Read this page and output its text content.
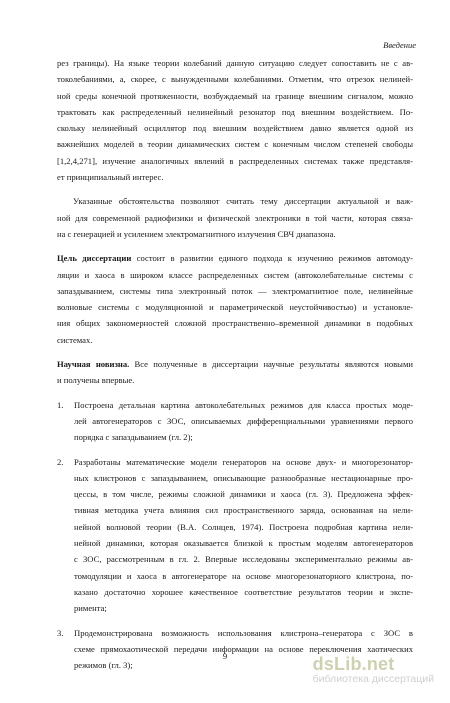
Введение
рез границы). На языке теории колебаний данную ситуацию следует сопоставить не с ав-
токолебаниями, а, скорее, с вынужденными колебаниями. Отметим, что отрезок нелиней-
ной среды конечной протяженности, возбуждаемый на границе внешним сигналом, можно
трактовать как распределенный нелинейный резонатор под внешним воздействием. По-
скольку нелинейный осциллятор под внешним воздействием давно является одной из
важнейших моделей в теории динамических систем с конечным числом степеней свободы
[1,2,4,271], изучение аналогичных явлений в распределенных системах также представля-
ет принципиальный интерес.
Указанные обстоятельства позволяют считать тему диссертации актуальной и важ-
ной для современной радиофизики и физической электроники в той части, которая связа-
на с генерацией и усилением электромагнитного излучения СВЧ диапазона.
Цель диссертации состоит в развитии единого подхода к изучению режимов автомоду-
ляции и хаоса в широком классе распределенных систем (автоколебательные системы с
запаздыванием, системы типа электронный поток — электромагнитное поле, нелинейные
волновые системы с модуляционной и параметрической неустойчивостью) и установле-
ния общих закономерностей сложной пространственно–временной динамики в подобных
системах.
Научная новизна. Все полученные в диссертации научные результаты являются новыми
и получены впервые.
1. Построена детальная картина автоколебательных режимов для класса простых моде-
лей автогенераторов с ЗОС, описываемых дифференциальными уравнениями первого
порядка с запаздыванием (гл. 2);
2. Разработаны математические модели генераторов на основе двух- и многорезонатор-
ных клистронов с запаздыванием, описывающие разнообразные нестационарные про-
цессы, в том числе, режимы сложной динамики и хаоса (гл. 3). Предложена эффек-
тивная методика учета влияния сил пространственного заряда, основанная на нели-
нейной волновой теории (В.А. Солнцев, 1974). Построена подробная картина нели-
нейной динамики, которая оказывается близкой к простым моделям автогенераторов
с ЗОС, рассмотренным в гл. 2. Впервые исследованы экспериментально режимы ав-
томодуляции и хаоса в автогенераторе на основе многорезонаторного клистрона, по-
казано достаточно хорошее качественное соответствие результатов теории и экспе-
римента;
3. Продемонстрирована возможность использования клистрона–генератора с ЗОС в
схеме прямохаотической передачи информации на основе переключения хаотических
режимов (гл. 3);
9	dsLib.net
библиотека диссертаций
